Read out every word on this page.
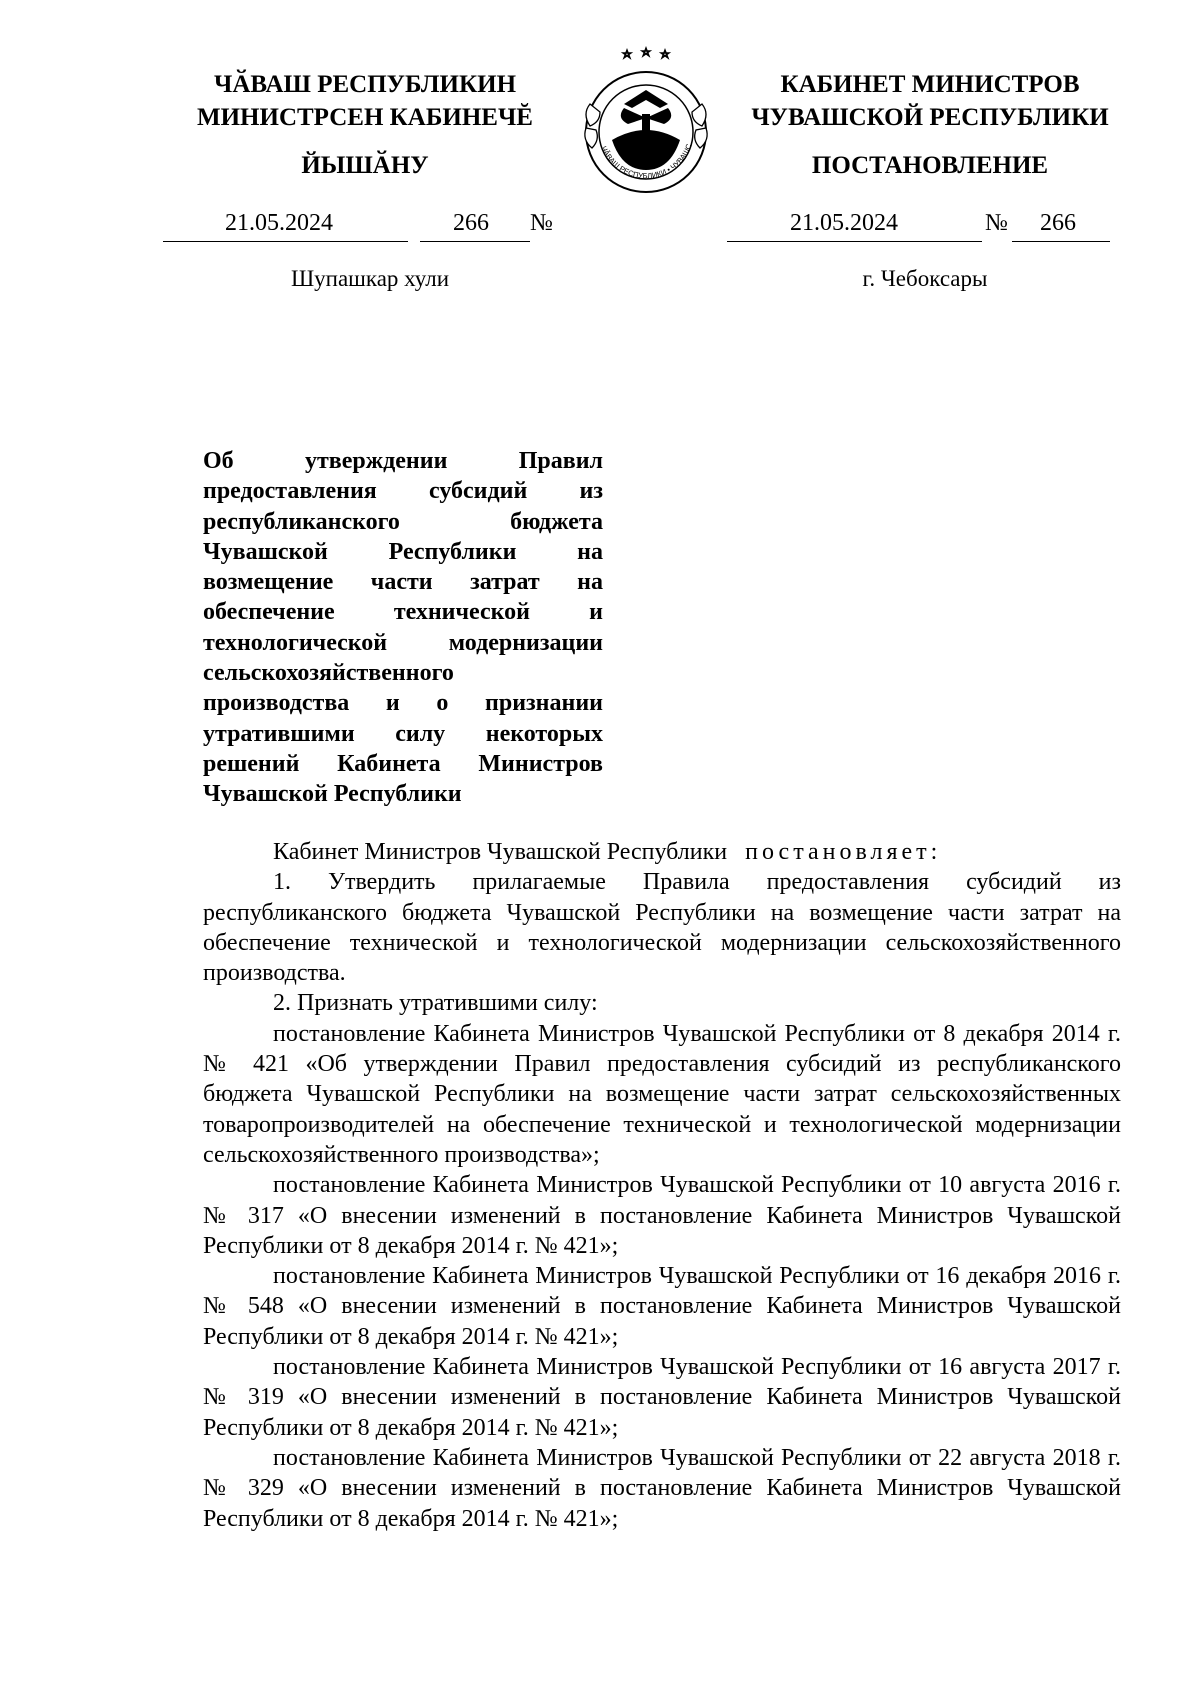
ЧӐВАШ РЕСПУБЛИКИН
МИНИСТРСЕН КАБИНЕЧĔ
ЙЫШӐНУ
ЧӐВАШ РЕСПУБЛИКИ • ЧУВАШС
КАБИНЕТ МИНИСТРОВ
ЧУВАШСКОЙ РЕСПУБЛИКИ
ПОСТАНОВЛЕНИЕ
21.05.2024	266 №	21.05.2024	№ 266
Шупашкар хули	г. Чебоксары
Об утверждении Правил предоставления субсидий из республиканского бюджета Чувашской Республики на возмещение части затрат на обеспечение технической и технологической модернизации сельскохозяйственного производства и о признании утратившими силу некоторых решений Кабинета Министров Чувашской Республики

Кабинет Министров Чувашской Республики постановляет:

1. Утвердить прилагаемые Правила предоставления субсидий из республиканского бюджета Чувашской Республики на возмещение части затрат на обеспечение технической и технологической модернизации сельскохозяйственного производства.

2. Признать утратившими силу:

постановление Кабинета Министров Чувашской Республики от 8 декабря 2014 г. № 421 «Об утверждении Правил предоставления субсидий из республиканского бюджета Чувашской Республики на возмещение части затрат сельскохозяйственных товаропроизводителей на обеспечение технической и технологической модернизации сельскохозяйственного производства»;

постановление Кабинета Министров Чувашской Республики от 10 августа 2016 г. № 317 «О внесении изменений в постановление Кабинета Министров Чувашской Республики от 8 декабря 2014 г. № 421»;

постановление Кабинета Министров Чувашской Республики от 16 декабря 2016 г. № 548 «О внесении изменений в постановление Кабинета Министров Чувашской Республики от 8 декабря 2014 г. № 421»;

постановление Кабинета Министров Чувашской Республики от 16 августа 2017 г. № 319 «О внесении изменений в постановление Кабинета Министров Чувашской Республики от 8 декабря 2014 г. № 421»;

постановление Кабинета Министров Чувашской Республики от 22 августа 2018 г. № 329 «О внесении изменений в постановление Кабинета Министров Чувашской Республики от 8 декабря 2014 г. № 421»;
